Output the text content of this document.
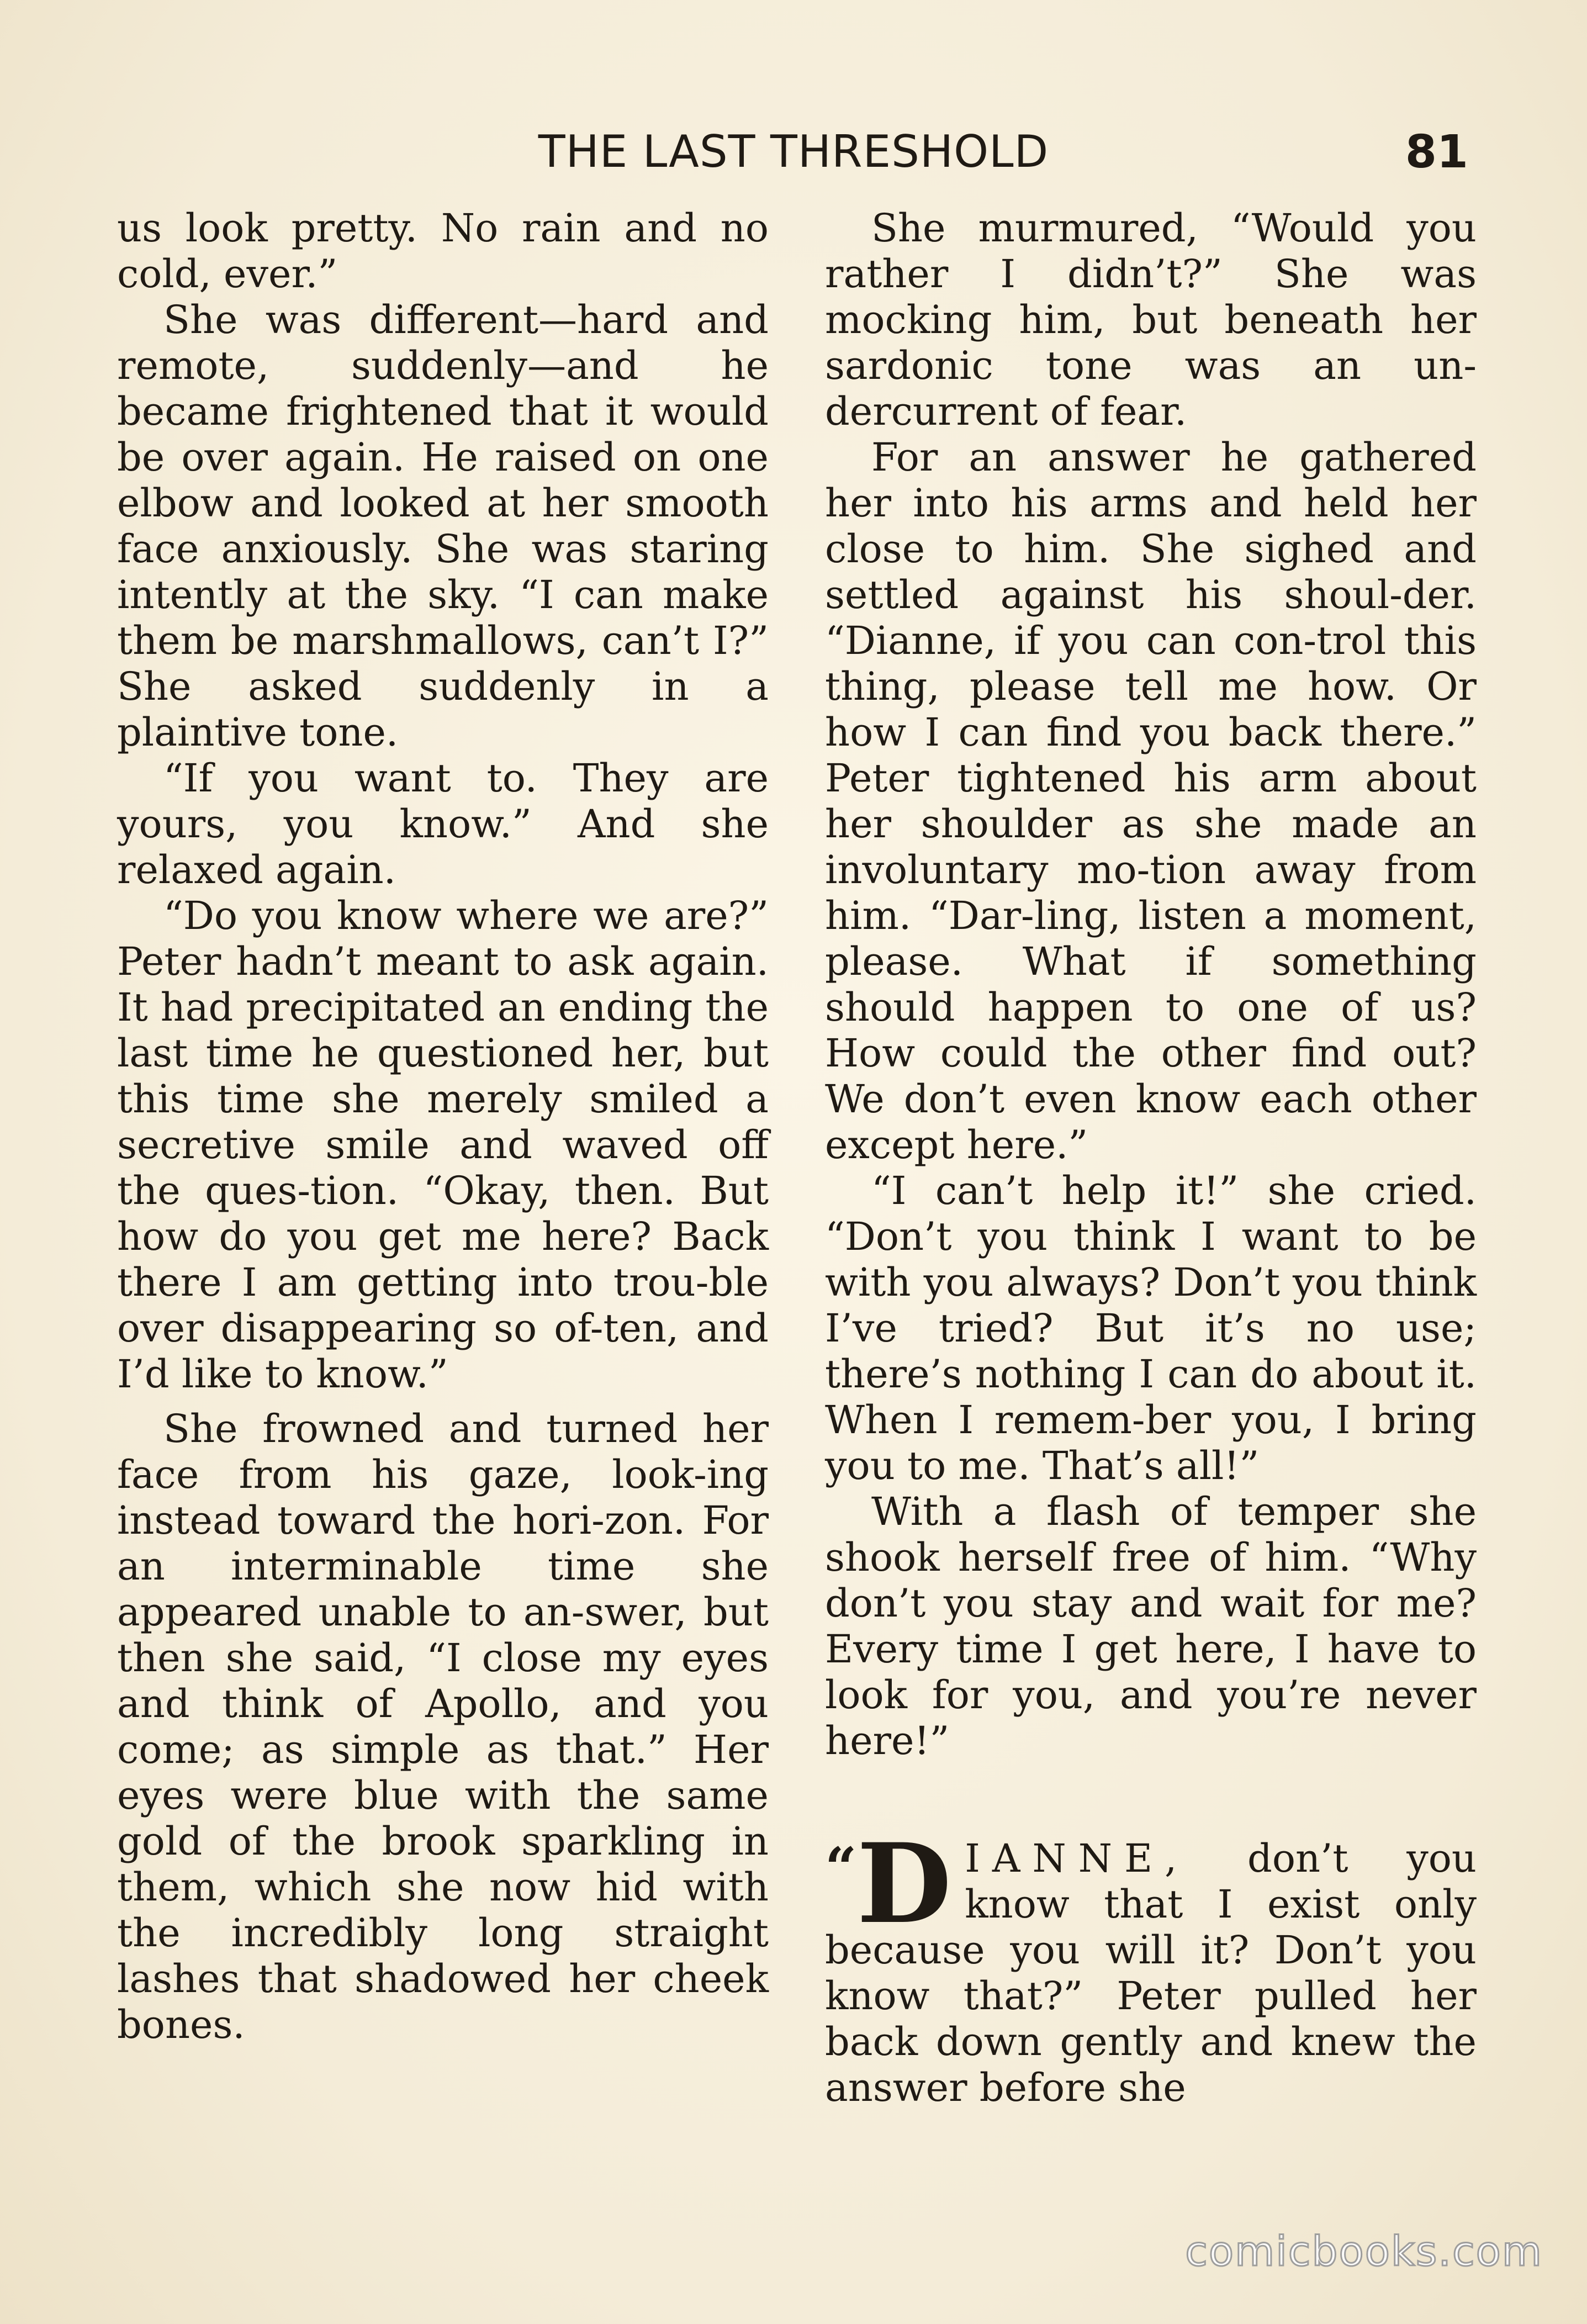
THE LAST THRESHOLD	81

us look pretty. No rain and no cold, ever.”

She was different—hard and remote, suddenly—and he became frightened that it would be over again. He raised on one elbow and looked at her smooth face anxiously. She was staring intently at the sky. “I can make them be marshmallows, can’t I?” She asked suddenly in a plaintive tone.

“If you want to. They are yours, you know.” And she relaxed again.

“Do you know where we are?” Peter hadn’t meant to ask again. It had precipitated an ending the last time he questioned her, but this time she merely smiled a secretive smile and waved off the ques-tion. “Okay, then. But how do you get me here? Back there I am getting into trou-ble over disappearing so of-ten, and I’d like to know.”

She frowned and turned her face from his gaze, look-ing instead toward the hori-zon. For an interminable time she appeared unable to an-swer, but then she said, “I close my eyes and think of Apollo, and you come; as simple as that.” Her eyes were blue with the same gold of the brook sparkling in them, which she now hid with the incredibly long straight lashes that shadowed her cheek bones.

She murmured, “Would you rather I didn’t?” She was mocking him, but beneath her sardonic tone was an un-dercurrent of fear.

For an answer he gathered her into his arms and held her close to him. She sighed and settled against his shoul-der. “Dianne, if you can con-trol this thing, please tell me how. Or how I can find you back there.” Peter tightened his arm about her shoulder as she made an involuntary mo-tion away from him. “Dar-ling, listen a moment, please. What if something should happen to one of us? How could the other find out? We don’t even know each other except here.”

“I can’t help it!” she cried. “Don’t you think I want to be with you always? Don’t you think I’ve tried? But it’s no use; there’s nothing I can do about it. When I remem-ber you, I bring you to me. That’s all!”

With a flash of temper she shook herself free of him. “Why don’t you stay and wait for me? Every time I get here, I have to look for you, and you’re never here!”

“ D IANNE, don’t you know that I exist only because you will it? Don’t you know that?” Peter pulled her back down gently and knew the answer before she

comicbooks.com
